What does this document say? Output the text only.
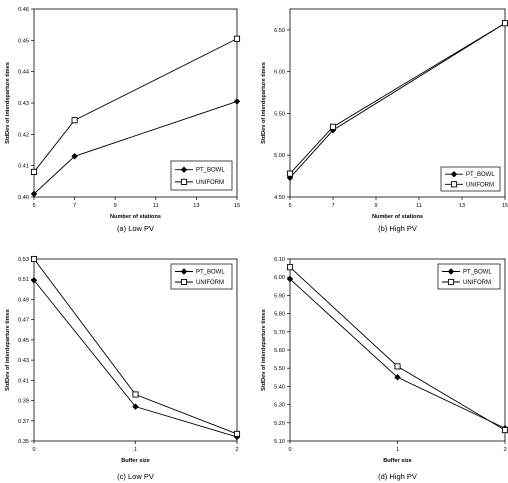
0.40
0.41
0.42
0.43
0.44
0.45
0.46
5	7	9	11	13	15
Number of stations
StdDev of interdeparture times
PT_BOWL
UNIFORM
(a) Low PV
4.50
5.00
5.50
6.00
6.50
5	7	9	11	13	15
Number of stations
StdDev of interdeparture times
PT_BOWL
UNIFORM
(b) High PV
0.35
0.37
0.39
0.41
0.43
0.45
0.47
0.49
0.51
0.53
0	1	2
Buffer size
StdDev of interdeparture times
PT_BOWL
UNIFORM
(c) Low PV
5.10
5.20
5.30
5.40
5.50
5.60
5.70
5.80
5.90
6.00
6.10
0	1	2
Buffer size
StdDev of interdeparture times
PT_BOWL
UNIFORM
(d) High PV
